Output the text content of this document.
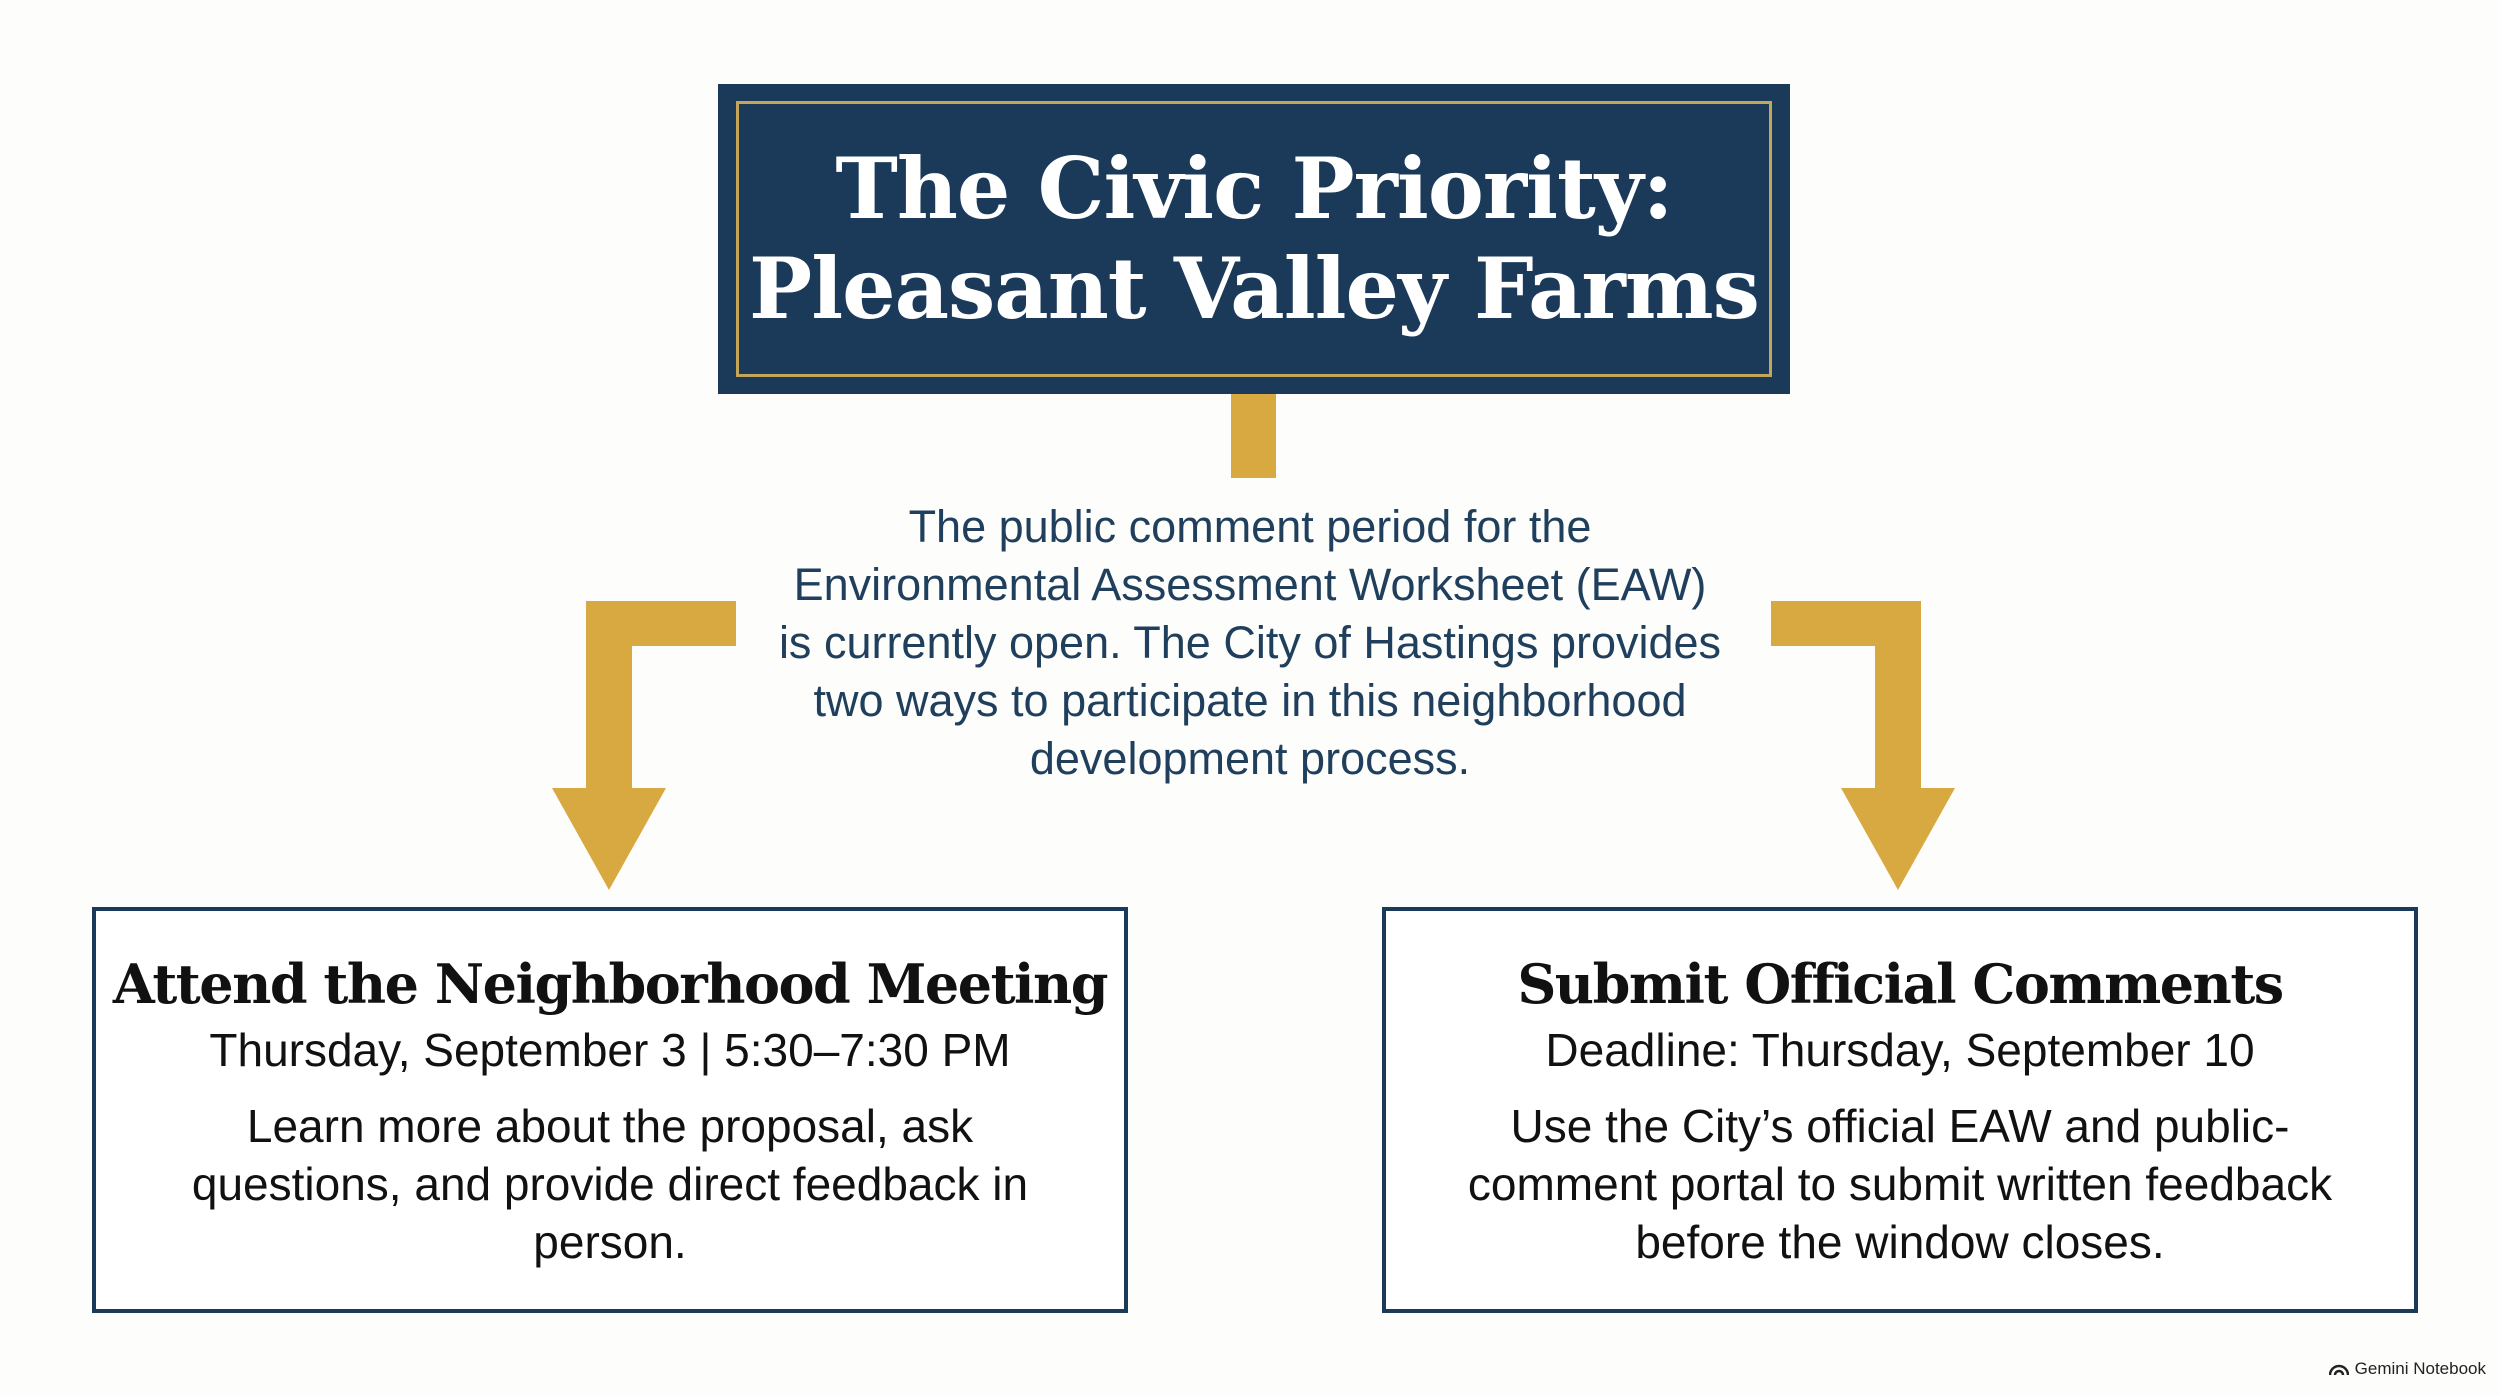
The Civic Priority:
Pleasant Valley Farms
The public comment period for the
Environmental Assessment Worksheet (EAW)
is currently open. The City of Hastings provides
two ways to participate in this neighborhood
development process.
Attend the Neighborhood Meeting
Thursday, September 3 | 5:30–7:30 PM
Learn more about the proposal, ask questions, and provide direct feedback in person.
Submit Official Comments
Deadline: Thursday, September 10
Use the City’s official EAW and public-comment portal to submit written feedback before the window closes.
Gemini Notebook
